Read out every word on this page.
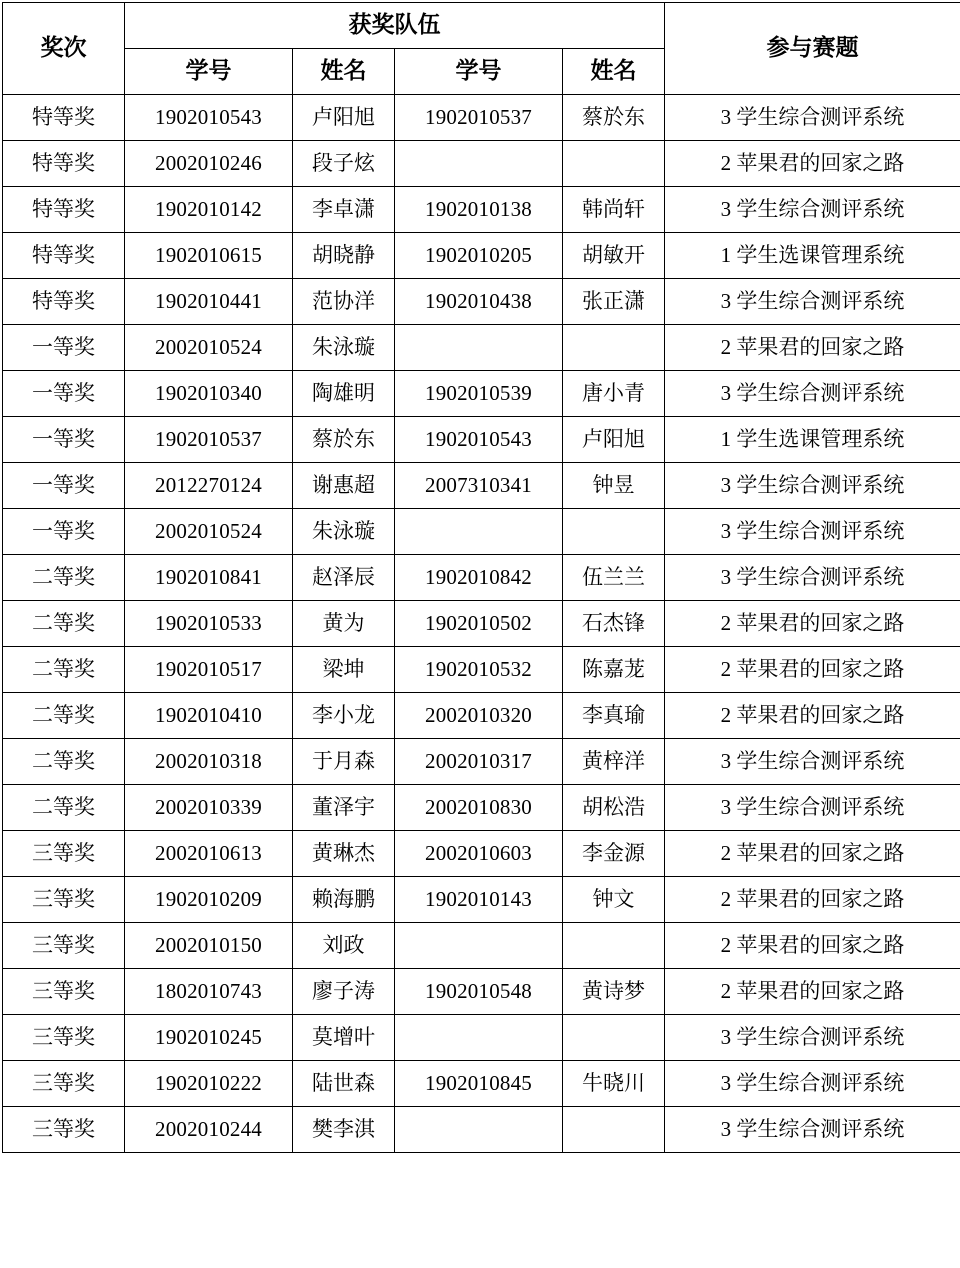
奖次	获奖队伍				参与赛题
	学号	姓名	学号	姓名	
特等奖	1902010543	卢阳旭	1902010537	蔡於东	3 学生综合测评系统
特等奖	2002010246	段子炫			2 苹果君的回家之路
特等奖	1902010142	李卓潇	1902010138	韩尚轩	3 学生综合测评系统
特等奖	1902010615	胡晓静	1902010205	胡敏开	1 学生选课管理系统
特等奖	1902010441	范协洋	1902010438	张正潇	3 学生综合测评系统
一等奖	2002010524	朱泳璇			2 苹果君的回家之路
一等奖	1902010340	陶雄明	1902010539	唐小青	3 学生综合测评系统
一等奖	1902010537	蔡於东	1902010543	卢阳旭	1 学生选课管理系统
一等奖	2012270124	谢惠超	2007310341	钟昱	3 学生综合测评系统
一等奖	2002010524	朱泳璇			3 学生综合测评系统
二等奖	1902010841	赵泽辰	1902010842	伍兰兰	3 学生综合测评系统
二等奖	1902010533	黄为	1902010502	石杰锋	2 苹果君的回家之路
二等奖	1902010517	梁坤	1902010532	陈嘉茏	2 苹果君的回家之路
二等奖	1902010410	李小龙	2002010320	李真瑜	2 苹果君的回家之路
二等奖	2002010318	于月森	2002010317	黄梓洋	3 学生综合测评系统
二等奖	2002010339	董泽宇	2002010830	胡松浩	3 学生综合测评系统
三等奖	2002010613	黄琳杰	2002010603	李金源	2 苹果君的回家之路
三等奖	1902010209	赖海鹏	1902010143	钟文	2 苹果君的回家之路
三等奖	2002010150	刘政			2 苹果君的回家之路
三等奖	1802010743	廖子涛	1902010548	黄诗梦	2 苹果君的回家之路
三等奖	1902010245	莫增叶			3 学生综合测评系统
三等奖	1902010222	陆世森	1902010845	牛晓川	3 学生综合测评系统
三等奖	2002010244	樊李淇			3 学生综合测评系统
